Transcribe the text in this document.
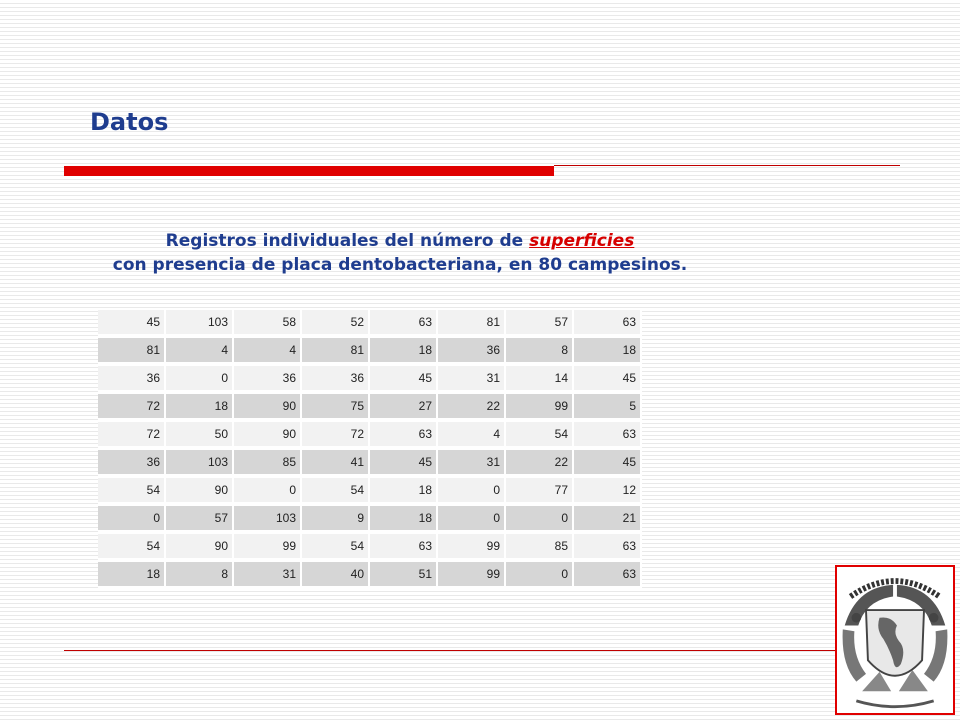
Datos

Registros individuales del número de superficies
con presencia de placa dentobacteriana, en 80 campesinos.

45	103	58	52	63	81	57	63
81	4	4	81	18	36	8	18
36	0	36	36	45	31	14	45
72	18	90	75	27	22	99	5
72	50	90	72	63	4	54	63
36	103	85	41	45	31	22	45
54	90	0	54	18	0	77	12
0	57	103	9	18	0	0	21
54	90	99	54	63	99	85	63
18	8	31	40	51	99	0	63
